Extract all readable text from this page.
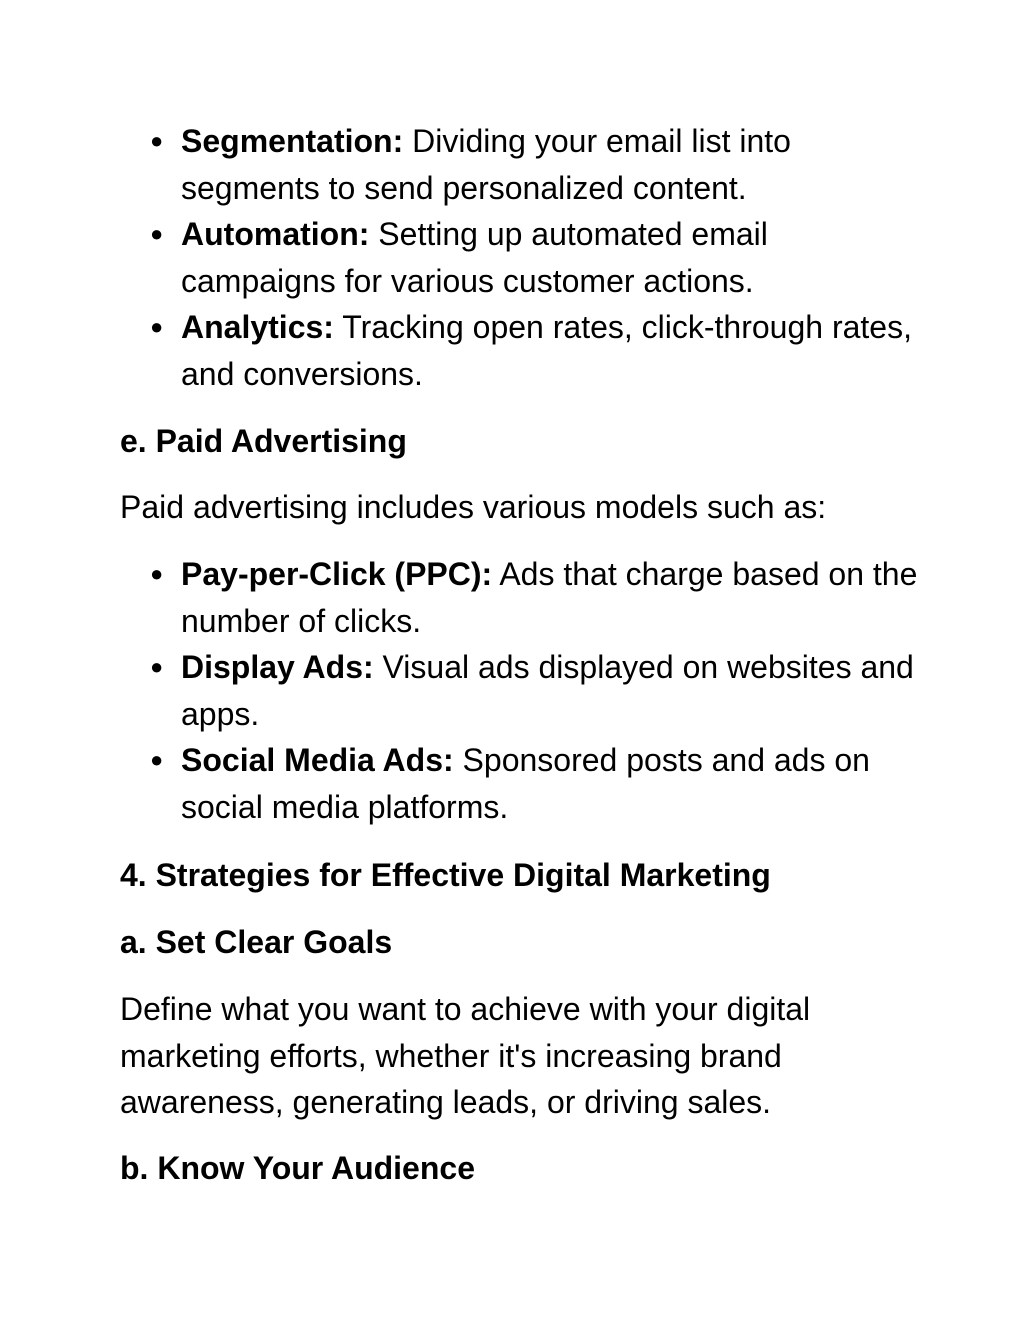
● Segmentation: Dividing your email list into segments to send personalized content.
● Automation: Setting up automated email campaigns for various customer actions.
● Analytics: Tracking open rates, click-through rates, and conversions.
e. Paid Advertising

Paid advertising includes various models such as:

● Pay-per-Click (PPC): Ads that charge based on the number of clicks.
● Display Ads: Visual ads displayed on websites and apps.
● Social Media Ads: Sponsored posts and ads on social media platforms.
4. Strategies for Effective Digital Marketing
a. Set Clear Goals

Define what you want to achieve with your digital marketing efforts, whether it's increasing brand awareness, generating leads, or driving sales.

b. Know Your Audience
